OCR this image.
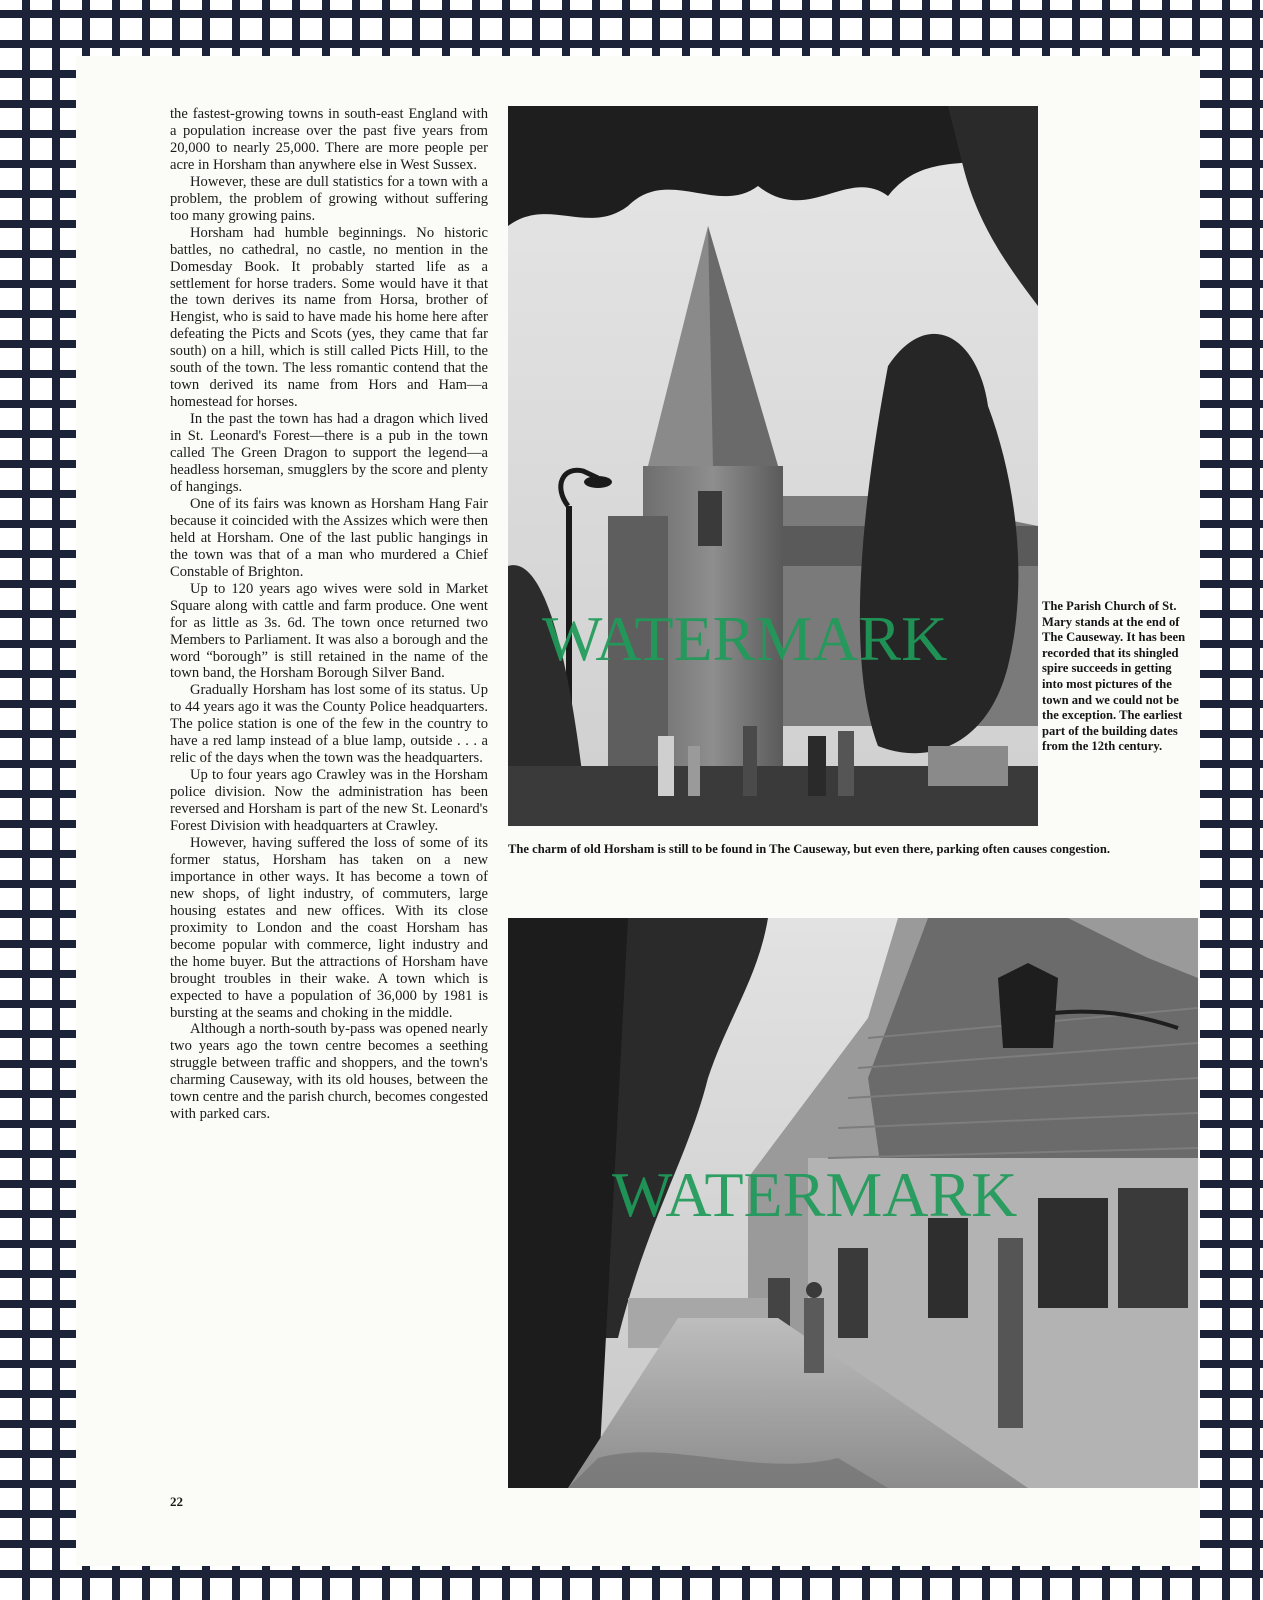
the fastest-growing towns in south-east England with a population increase over the past five years from 20,000 to nearly 25,000. There are more people per acre in Horsham than anywhere else in West Sussex.

However, these are dull statistics for a town with a problem, the problem of growing without suffering too many growing pains.

Horsham had humble beginnings. No historic battles, no cathedral, no castle, no mention in the Domesday Book. It probably started life as a settlement for horse traders. Some would have it that the town derives its name from Horsa, brother of Hengist, who is said to have made his home here after defeating the Picts and Scots (yes, they came that far south) on a hill, which is still called Picts Hill, to the south of the town. The less romantic contend that the town derived its name from Hors and Ham—a homestead for horses.

In the past the town has had a dragon which lived in St. Leonard's Forest—there is a pub in the town called The Green Dragon to support the legend—a headless horseman, smugglers by the score and plenty of hangings.

One of its fairs was known as Horsham Hang Fair because it coincided with the Assizes which were then held at Horsham. One of the last public hangings in the town was that of a man who murdered a Chief Constable of Brighton.

Up to 120 years ago wives were sold in Market Square along with cattle and farm produce. One went for as little as 3s. 6d. The town once returned two Members to Parliament. It was also a borough and the word “borough” is still retained in the name of the town band, the Horsham Borough Silver Band.

Gradually Horsham has lost some of its status. Up to 44 years ago it was the County Police headquarters. The police station is one of the few in the country to have a red lamp instead of a blue lamp, outside . . . a relic of the days when the town was the headquarters.

Up to four years ago Crawley was in the Horsham police division. Now the administration has been reversed and Horsham is part of the new St. Leonard's Forest Division with headquarters at Crawley.

However, having suffered the loss of some of its former status, Horsham has taken on a new importance in other ways. It has become a town of new shops, of light industry, of commuters, large housing estates and new offices. With its close proximity to London and the coast Horsham has become popular with commerce, light industry and the home buyer. But the attractions of Horsham have brought troubles in their wake. A town which is expected to have a population of 36,000 by 1981 is bursting at the seams and choking in the middle.

Although a north-south by-pass was opened nearly two years ago the town centre becomes a seething struggle between traffic and shoppers, and the town's charming Causeway, with its old houses, between the town centre and the parish church, becomes congested with parked cars.

22
The Parish Church of St. Mary stands at the end of The Causeway. It has been recorded that its shingled spire succeeds in getting into most pictures of the town and we could not be the exception. The earliest part of the building dates from the 12th century.
The charm of old Horsham is still to be found in The Causeway, but even there, parking often causes congestion.
WATERMARK
WATERMARK
